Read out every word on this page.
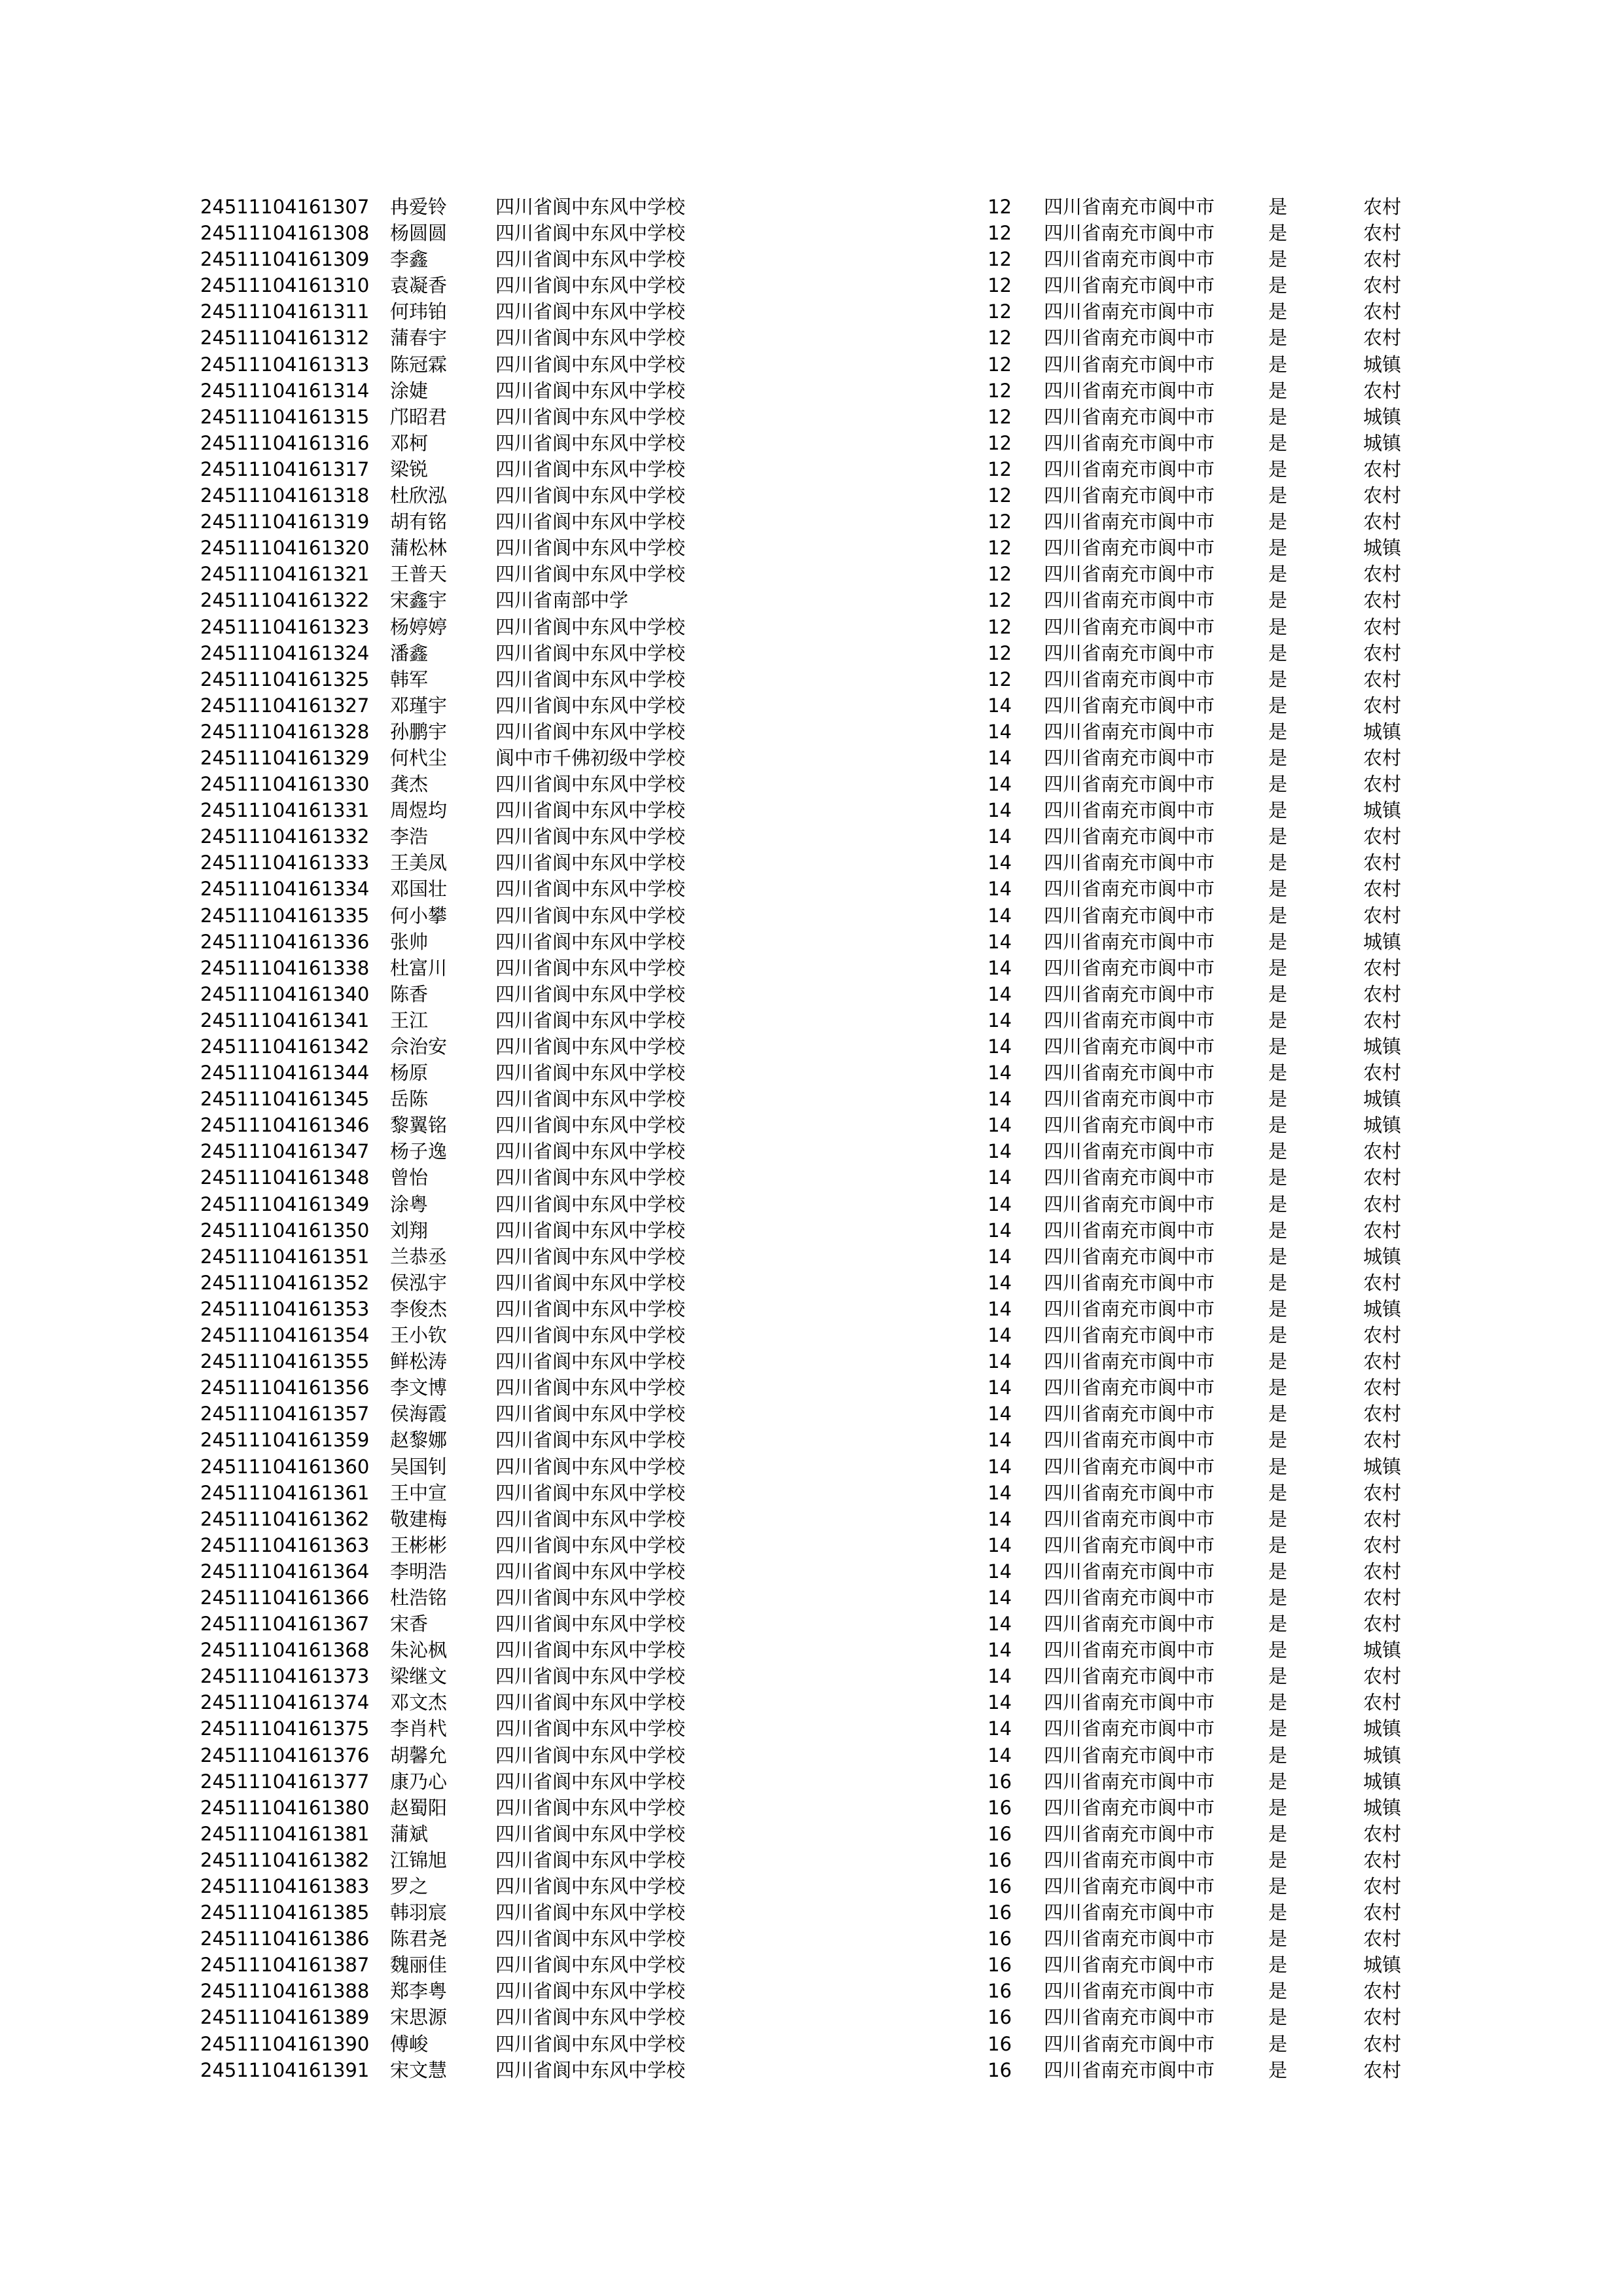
24511104161307 冉爱铃	四川省阆中东风中学校	12 四川省南充市阆中市	是	农村
24511104161308 杨圆圆	四川省阆中东风中学校	12 四川省南充市阆中市	是	农村
24511104161309 李鑫	四川省阆中东风中学校	12 四川省南充市阆中市	是	农村
24511104161310 袁凝香	四川省阆中东风中学校	12 四川省南充市阆中市	是	农村
24511104161311 何玮铂	四川省阆中东风中学校	12 四川省南充市阆中市	是	农村
24511104161312 蒲春宇	四川省阆中东风中学校	12 四川省南充市阆中市	是	农村
24511104161313 陈冠霖	四川省阆中东风中学校	12 四川省南充市阆中市	是	城镇
24511104161314 涂婕	四川省阆中东风中学校	12 四川省南充市阆中市	是	农村
24511104161315 邝昭君	四川省阆中东风中学校	12 四川省南充市阆中市	是	城镇
24511104161316 邓柯	四川省阆中东风中学校	12 四川省南充市阆中市	是	城镇
24511104161317 梁锐	四川省阆中东风中学校	12 四川省南充市阆中市	是	农村
24511104161318 杜欣泓	四川省阆中东风中学校	12 四川省南充市阆中市	是	农村
24511104161319 胡有铭	四川省阆中东风中学校	12 四川省南充市阆中市	是	农村
24511104161320 蒲松林	四川省阆中东风中学校	12 四川省南充市阆中市	是	城镇
24511104161321 王普天	四川省阆中东风中学校	12 四川省南充市阆中市	是	农村
24511104161322 宋鑫宇	四川省南部中学	12 四川省南充市阆中市	是	农村
24511104161323 杨婷婷	四川省阆中东风中学校	12 四川省南充市阆中市	是	农村
24511104161324 潘鑫	四川省阆中东风中学校	12 四川省南充市阆中市	是	农村
24511104161325 韩军	四川省阆中东风中学校	12 四川省南充市阆中市	是	农村
24511104161327 邓瑾宇	四川省阆中东风中学校	14 四川省南充市阆中市	是	农村
24511104161328 孙鹏宇	四川省阆中东风中学校	14 四川省南充市阆中市	是	城镇
24511104161329 何杙尘	阆中市千佛初级中学校	14 四川省南充市阆中市	是	农村
24511104161330 龚杰	四川省阆中东风中学校	14 四川省南充市阆中市	是	农村
24511104161331 周煜均	四川省阆中东风中学校	14 四川省南充市阆中市	是	城镇
24511104161332 李浩	四川省阆中东风中学校	14 四川省南充市阆中市	是	农村
24511104161333 王美凤	四川省阆中东风中学校	14 四川省南充市阆中市	是	农村
24511104161334 邓国壮	四川省阆中东风中学校	14 四川省南充市阆中市	是	农村
24511104161335 何小攀	四川省阆中东风中学校	14 四川省南充市阆中市	是	农村
24511104161336 张帅	四川省阆中东风中学校	14 四川省南充市阆中市	是	城镇
24511104161338 杜富川	四川省阆中东风中学校	14 四川省南充市阆中市	是	农村
24511104161340 陈香	四川省阆中东风中学校	14 四川省南充市阆中市	是	农村
24511104161341 王江	四川省阆中东风中学校	14 四川省南充市阆中市	是	农村
24511104161342 佘治安	四川省阆中东风中学校	14 四川省南充市阆中市	是	城镇
24511104161344 杨原	四川省阆中东风中学校	14 四川省南充市阆中市	是	农村
24511104161345 岳陈	四川省阆中东风中学校	14 四川省南充市阆中市	是	城镇
24511104161346 黎翼铭	四川省阆中东风中学校	14 四川省南充市阆中市	是	城镇
24511104161347 杨子逸	四川省阆中东风中学校	14 四川省南充市阆中市	是	农村
24511104161348 曾怡	四川省阆中东风中学校	14 四川省南充市阆中市	是	农村
24511104161349 涂粤	四川省阆中东风中学校	14 四川省南充市阆中市	是	农村
24511104161350 刘翔	四川省阆中东风中学校	14 四川省南充市阆中市	是	农村
24511104161351 兰恭丞	四川省阆中东风中学校	14 四川省南充市阆中市	是	城镇
24511104161352 侯泓宇	四川省阆中东风中学校	14 四川省南充市阆中市	是	农村
24511104161353 李俊杰	四川省阆中东风中学校	14 四川省南充市阆中市	是	城镇
24511104161354 王小钦	四川省阆中东风中学校	14 四川省南充市阆中市	是	农村
24511104161355 鲜松涛	四川省阆中东风中学校	14 四川省南充市阆中市	是	农村
24511104161356 李文博	四川省阆中东风中学校	14 四川省南充市阆中市	是	农村
24511104161357 侯海霞	四川省阆中东风中学校	14 四川省南充市阆中市	是	农村
24511104161359 赵黎娜	四川省阆中东风中学校	14 四川省南充市阆中市	是	农村
24511104161360 吴国钊	四川省阆中东风中学校	14 四川省南充市阆中市	是	城镇
24511104161361 王中宣	四川省阆中东风中学校	14 四川省南充市阆中市	是	农村
24511104161362 敬建梅	四川省阆中东风中学校	14 四川省南充市阆中市	是	农村
24511104161363 王彬彬	四川省阆中东风中学校	14 四川省南充市阆中市	是	农村
24511104161364 李明浩	四川省阆中东风中学校	14 四川省南充市阆中市	是	农村
24511104161366 杜浩铭	四川省阆中东风中学校	14 四川省南充市阆中市	是	农村
24511104161367 宋香	四川省阆中东风中学校	14 四川省南充市阆中市	是	农村
24511104161368 朱沁枫	四川省阆中东风中学校	14 四川省南充市阆中市	是	城镇
24511104161373 梁继文	四川省阆中东风中学校	14 四川省南充市阆中市	是	农村
24511104161374 邓文杰	四川省阆中东风中学校	14 四川省南充市阆中市	是	农村
24511104161375 李肖杙	四川省阆中东风中学校	14 四川省南充市阆中市	是	城镇
24511104161376 胡馨允	四川省阆中东风中学校	14 四川省南充市阆中市	是	城镇
24511104161377 康乃心	四川省阆中东风中学校	16 四川省南充市阆中市	是	城镇
24511104161380 赵蜀阳	四川省阆中东风中学校	16 四川省南充市阆中市	是	城镇
24511104161381 蒲斌	四川省阆中东风中学校	16 四川省南充市阆中市	是	农村
24511104161382 江锦旭	四川省阆中东风中学校	16 四川省南充市阆中市	是	农村
24511104161383 罗之	四川省阆中东风中学校	16 四川省南充市阆中市	是	农村
24511104161385 韩羽宸	四川省阆中东风中学校	16 四川省南充市阆中市	是	农村
24511104161386 陈君尧	四川省阆中东风中学校	16 四川省南充市阆中市	是	农村
24511104161387 魏丽佳	四川省阆中东风中学校	16 四川省南充市阆中市	是	城镇
24511104161388 郑李粤	四川省阆中东风中学校	16 四川省南充市阆中市	是	农村
24511104161389 宋思源	四川省阆中东风中学校	16 四川省南充市阆中市	是	农村
24511104161390 傅峻	四川省阆中东风中学校	16 四川省南充市阆中市	是	农村
24511104161391 宋文慧	四川省阆中东风中学校	16 四川省南充市阆中市	是	农村
